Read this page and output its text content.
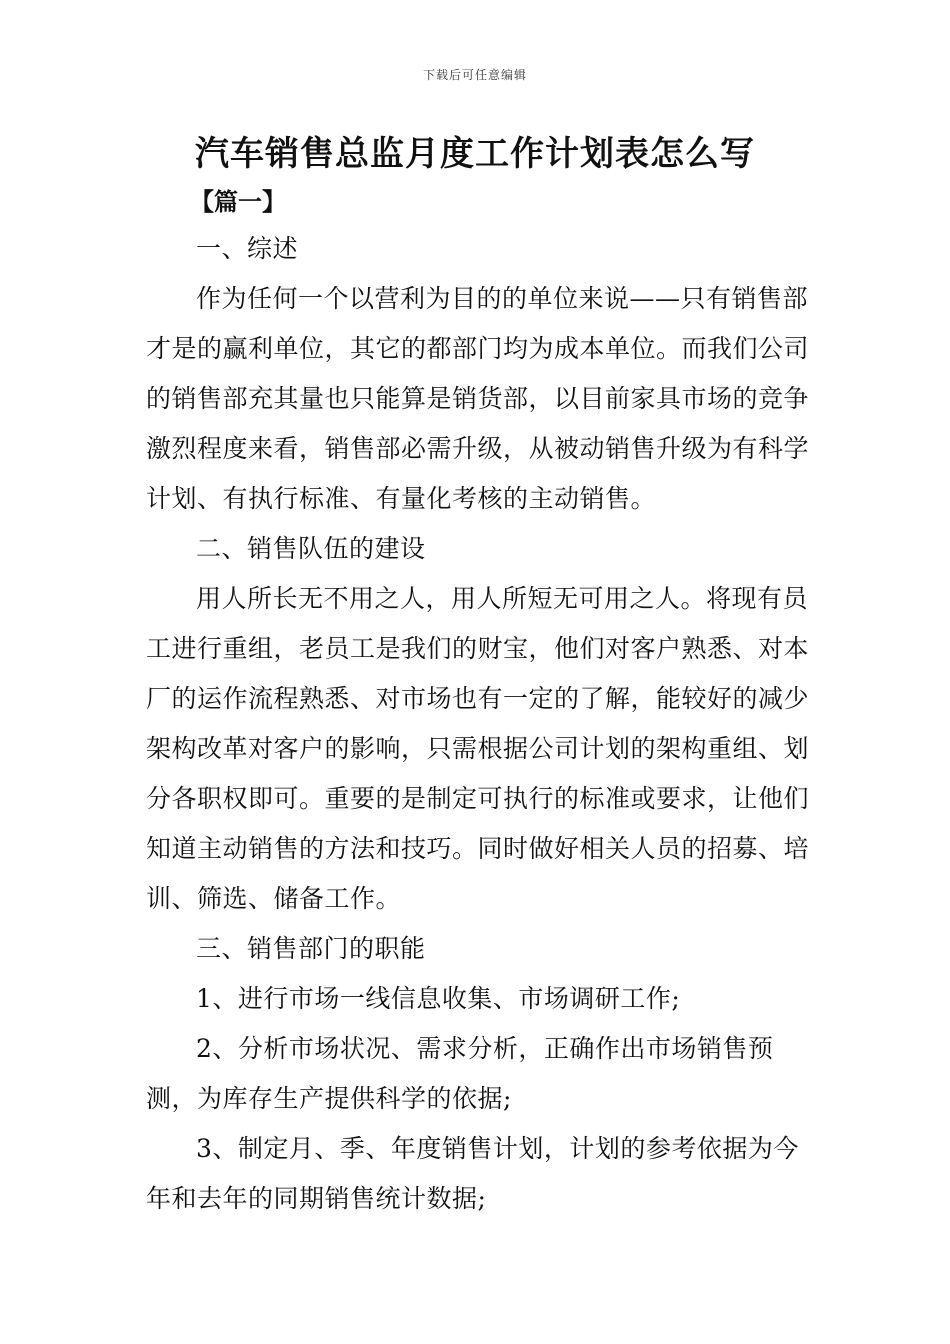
下载后可任意编辑
汽车销售总监月度工作计划表怎么写
【篇一】

一、综述

作为任何一个以营利为目的的单位来说——只有销售部才是的赢利单位，其它的都部门均为成本单位。而我们公司的销售部充其量也只能算是销货部，以目前家具市场的竞争激烈程度来看，销售部必需升级，从被动销售升级为有科学计划、有执行标准、有量化考核的主动销售。

二、销售队伍的建设

用人所长无不用之人，用人所短无可用之人。将现有员工进行重组，老员工是我们的财宝，他们对客户熟悉、对本厂的运作流程熟悉、对市场也有一定的了解，能较好的减少架构改革对客户的影响，只需根据公司计划的架构重组、划分各职权即可。重要的是制定可执行的标准或要求，让他们知道主动销售的方法和技巧。同时做好相关人员的招募、培训、筛选、储备工作。

三、销售部门的职能

1、进行市场一线信息收集、市场调研工作;

2、分析市场状况、需求分析，正确作出市场销售预测，为库存生产提供科学的依据;

3、制定月、季、年度销售计划，计划的参考依据为今年和去年的同期销售统计数据;
